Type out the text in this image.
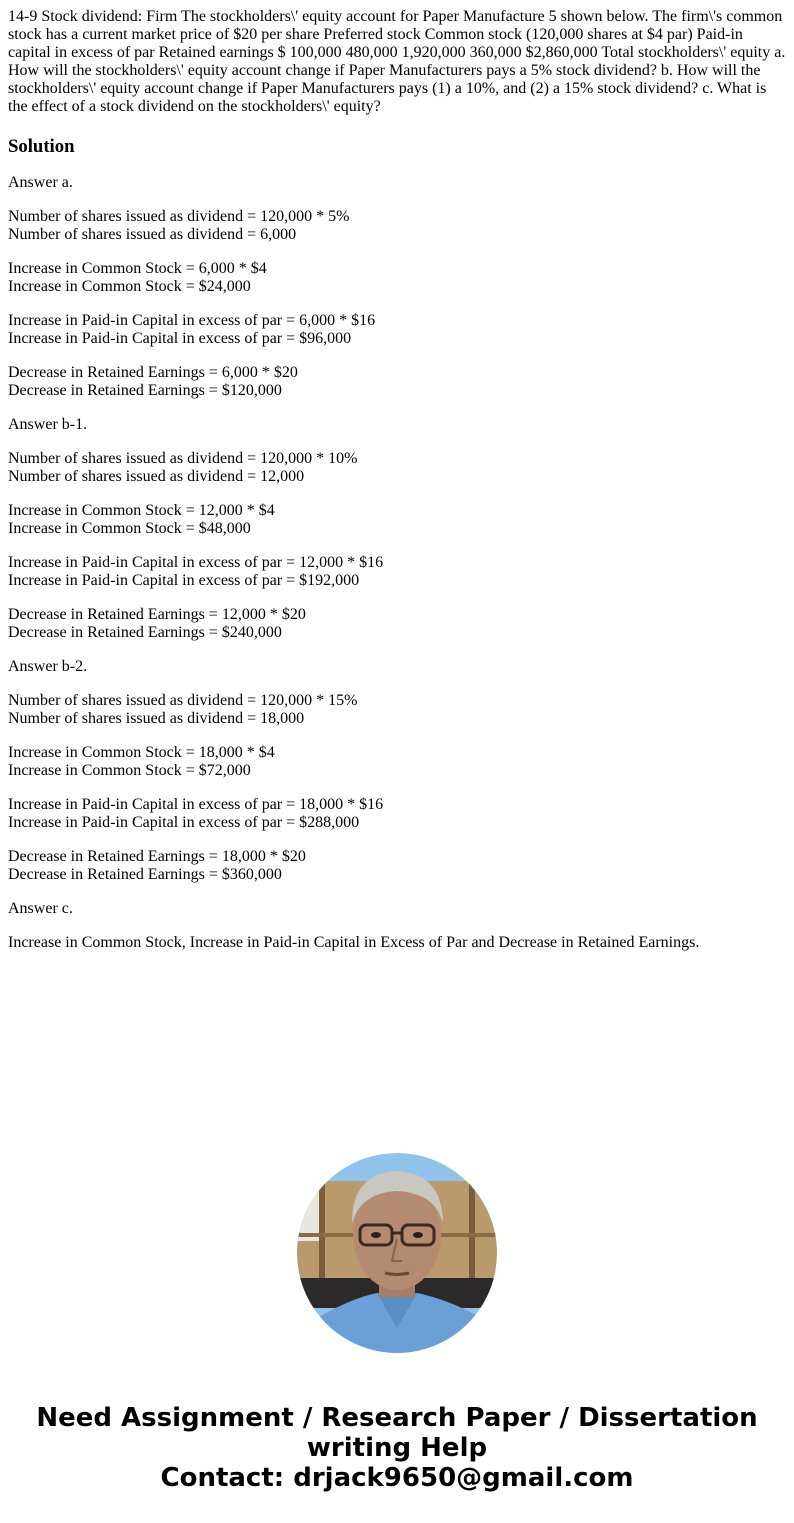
14-9 Stock dividend: Firm The stockholders\' equity account for Paper Manufacture 5 shown below. The firm\'s common stock has a current market price of $20 per share Preferred stock Common stock (120,000 shares at $4 par) Paid-in capital in excess of par Retained earnings $ 100,000 480,000 1,920,000 360,000 $2,860,000 Total stockholders\' equity a. How will the stockholders\' equity account change if Paper Manufacturers pays a 5% stock dividend? b. How will the stockholders\' equity account change if Paper Manufacturers pays (1) a 10%, and (2) a 15% stock dividend? c. What is the effect of a stock dividend on the stockholders\' equity?
Solution

Answer a.

Number of shares issued as dividend = 120,000 * 5%
Number of shares issued as dividend = 6,000

Increase in Common Stock = 6,000 * $4
Increase in Common Stock = $24,000

Increase in Paid-in Capital in excess of par = 6,000 * $16
Increase in Paid-in Capital in excess of par = $96,000

Decrease in Retained Earnings = 6,000 * $20
Decrease in Retained Earnings = $120,000

Answer b-1.

Number of shares issued as dividend = 120,000 * 10%
Number of shares issued as dividend = 12,000

Increase in Common Stock = 12,000 * $4
Increase in Common Stock = $48,000

Increase in Paid-in Capital in excess of par = 12,000 * $16
Increase in Paid-in Capital in excess of par = $192,000

Decrease in Retained Earnings = 12,000 * $20
Decrease in Retained Earnings = $240,000

Answer b-2.

Number of shares issued as dividend = 120,000 * 15%
Number of shares issued as dividend = 18,000

Increase in Common Stock = 18,000 * $4
Increase in Common Stock = $72,000

Increase in Paid-in Capital in excess of par = 18,000 * $16
Increase in Paid-in Capital in excess of par = $288,000

Decrease in Retained Earnings = 18,000 * $20
Decrease in Retained Earnings = $360,000

Answer c.

Increase in Common Stock, Increase in Paid-in Capital in Excess of Par and Decrease in Retained Earnings.

Need Assignment / Research Paper / Dissertation
writing Help
Contact: drjack9650@gmail.com
